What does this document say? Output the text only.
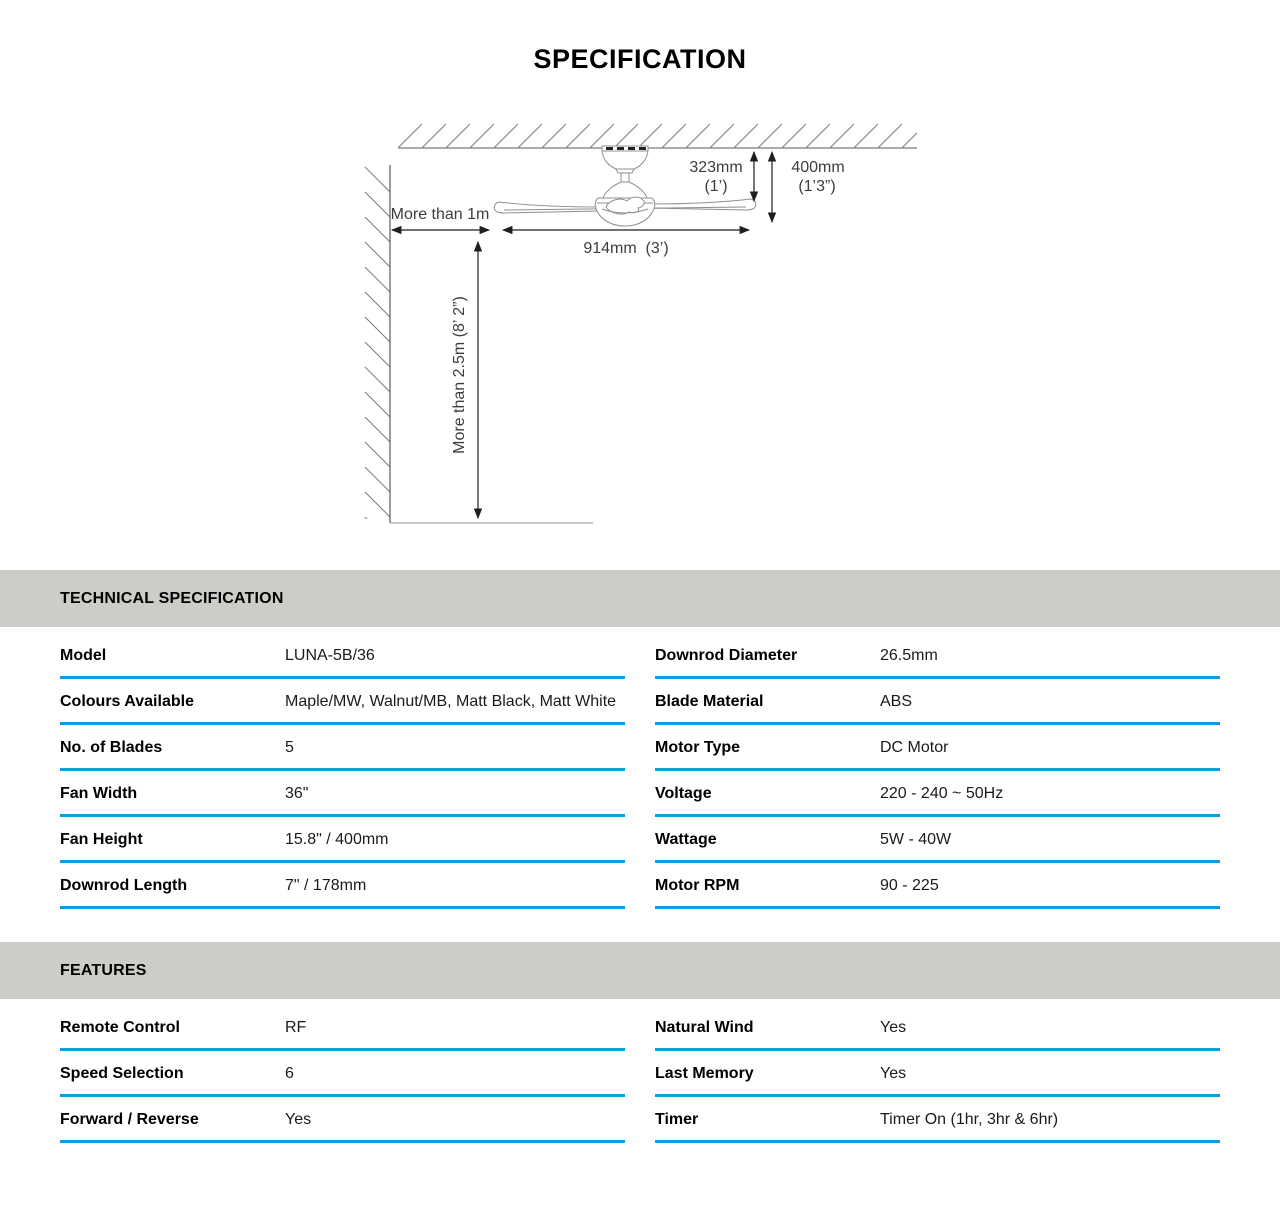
SPECIFICATION
323mm
(1’)
400mm
(1’3”)
More than 1m
914mm  (3’)
More than 2.5m (8’ 2”)
TECHNICAL SPECIFICATION
Model	LUNA-5B/36
Colours Available	Maple/MW, Walnut/MB, Matt Black, Matt White
No. of Blades	5
Fan Width	36"
Fan Height	15.8" / 400mm
Downrod Length	7" / 178mm
Downrod Diameter	26.5mm
Blade Material	ABS
Motor Type	DC Motor
Voltage	220 - 240 ~ 50Hz
Wattage	5W - 40W
Motor RPM	90 - 225
FEATURES
Remote Control	RF
Speed Selection	6
Forward / Reverse	Yes
Natural Wind	Yes
Last Memory	Yes
Timer	Timer On (1hr, 3hr & 6hr)
